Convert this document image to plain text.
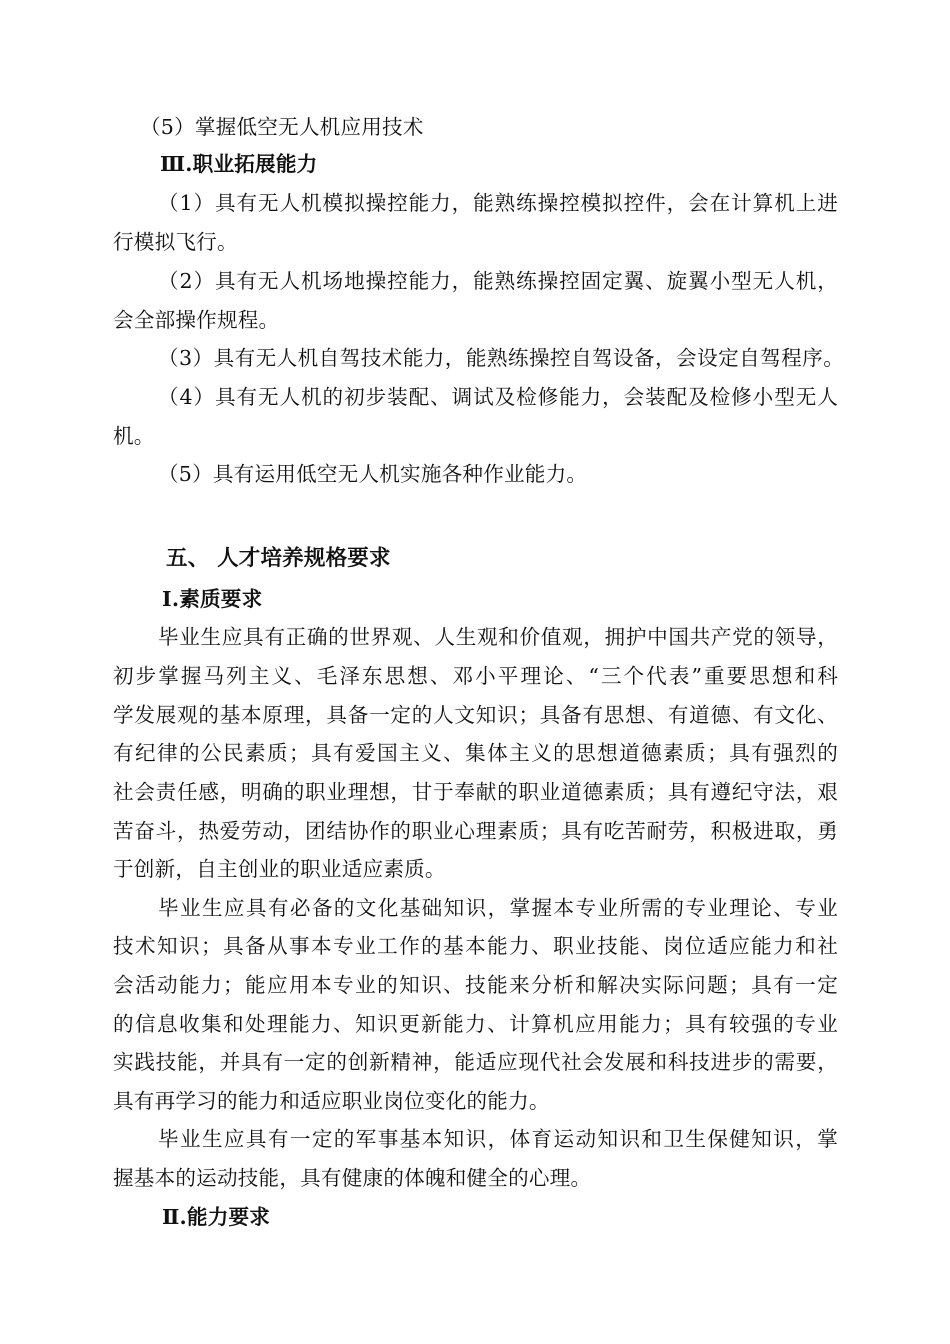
（5）掌握低空无人机应用技术
Ⅲ.职业拓展能力
（1）具有无人机模拟操控能力，能熟练操控模拟控件，会在计算机上进
行模拟飞行。
（2）具有无人机场地操控能力，能熟练操控固定翼、旋翼小型无人机，
会全部操作规程。
（3）具有无人机自驾技术能力，能熟练操控自驾设备，会设定自驾程序。
（4）具有无人机的初步装配、调试及检修能力，会装配及检修小型无人
机。
（5）具有运用低空无人机实施各种作业能力。
五、 人才培养规格要求
Ⅰ.素质要求
毕业生应具有正确的世界观、人生观和价值观，拥护中国共产党的领导，
初步掌握马列主义、毛泽东思想、邓小平理论、“三个代表”重要思想和科
学发展观的基本原理，具备一定的人文知识；具备有思想、有道德、有文化、
有纪律的公民素质；具有爱国主义、集体主义的思想道德素质；具有强烈的
社会责任感，明确的职业理想，甘于奉献的职业道德素质；具有遵纪守法，艰
苦奋斗，热爱劳动，团结协作的职业心理素质；具有吃苦耐劳，积极进取，勇
于创新，自主创业的职业适应素质。
毕业生应具有必备的文化基础知识，掌握本专业所需的专业理论、专业
技术知识；具备从事本专业工作的基本能力、职业技能、岗位适应能力和社
会活动能力；能应用本专业的知识、技能来分析和解决实际问题；具有一定
的信息收集和处理能力、知识更新能力、计算机应用能力；具有较强的专业
实践技能，并具有一定的创新精神，能适应现代社会发展和科技进步的需要，
具有再学习的能力和适应职业岗位变化的能力。
毕业生应具有一定的军事基本知识，体育运动知识和卫生保健知识，掌
握基本的运动技能，具有健康的体魄和健全的心理。
Ⅱ.能力要求
